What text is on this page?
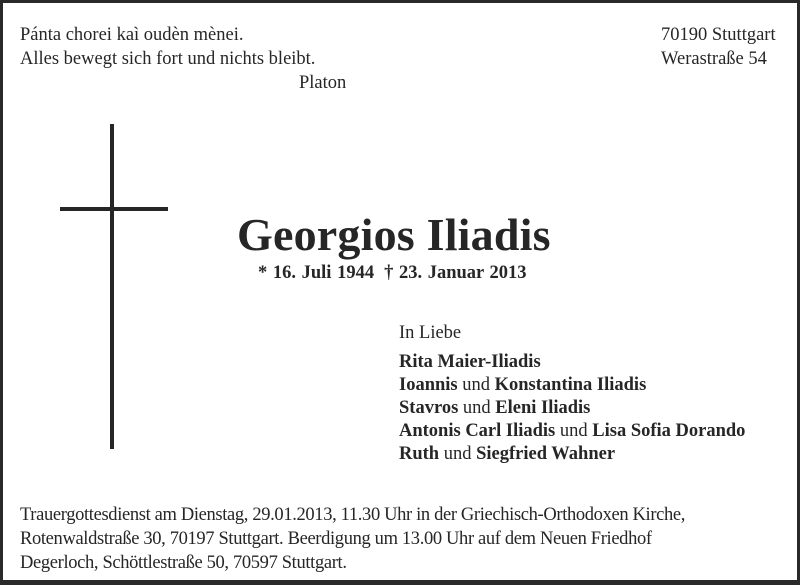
Pánta chorei kaì oudèn mènei.
Alles bewegt sich fort und nichts bleibt.
Platon
70190 Stuttgart
Werastraße 54
Georgios Iliadis
* 16. Juli 1944 † 23. Januar 2013
In Liebe
Rita Maier-Iliadis
Ioannis und Konstantina Iliadis
Stavros und Eleni Iliadis
Antonis Carl Iliadis und Lisa Sofia Dorando
Ruth und Siegfried Wahner
Trauergottesdienst am Dienstag, 29.01.2013, 11.30 Uhr in der Griechisch-Orthodoxen Kirche,
Rotenwaldstraße 30, 70197 Stuttgart. Beerdigung um 13.00 Uhr auf dem Neuen Friedhof
Degerloch, Schöttlestraße 50, 70597 Stuttgart.
